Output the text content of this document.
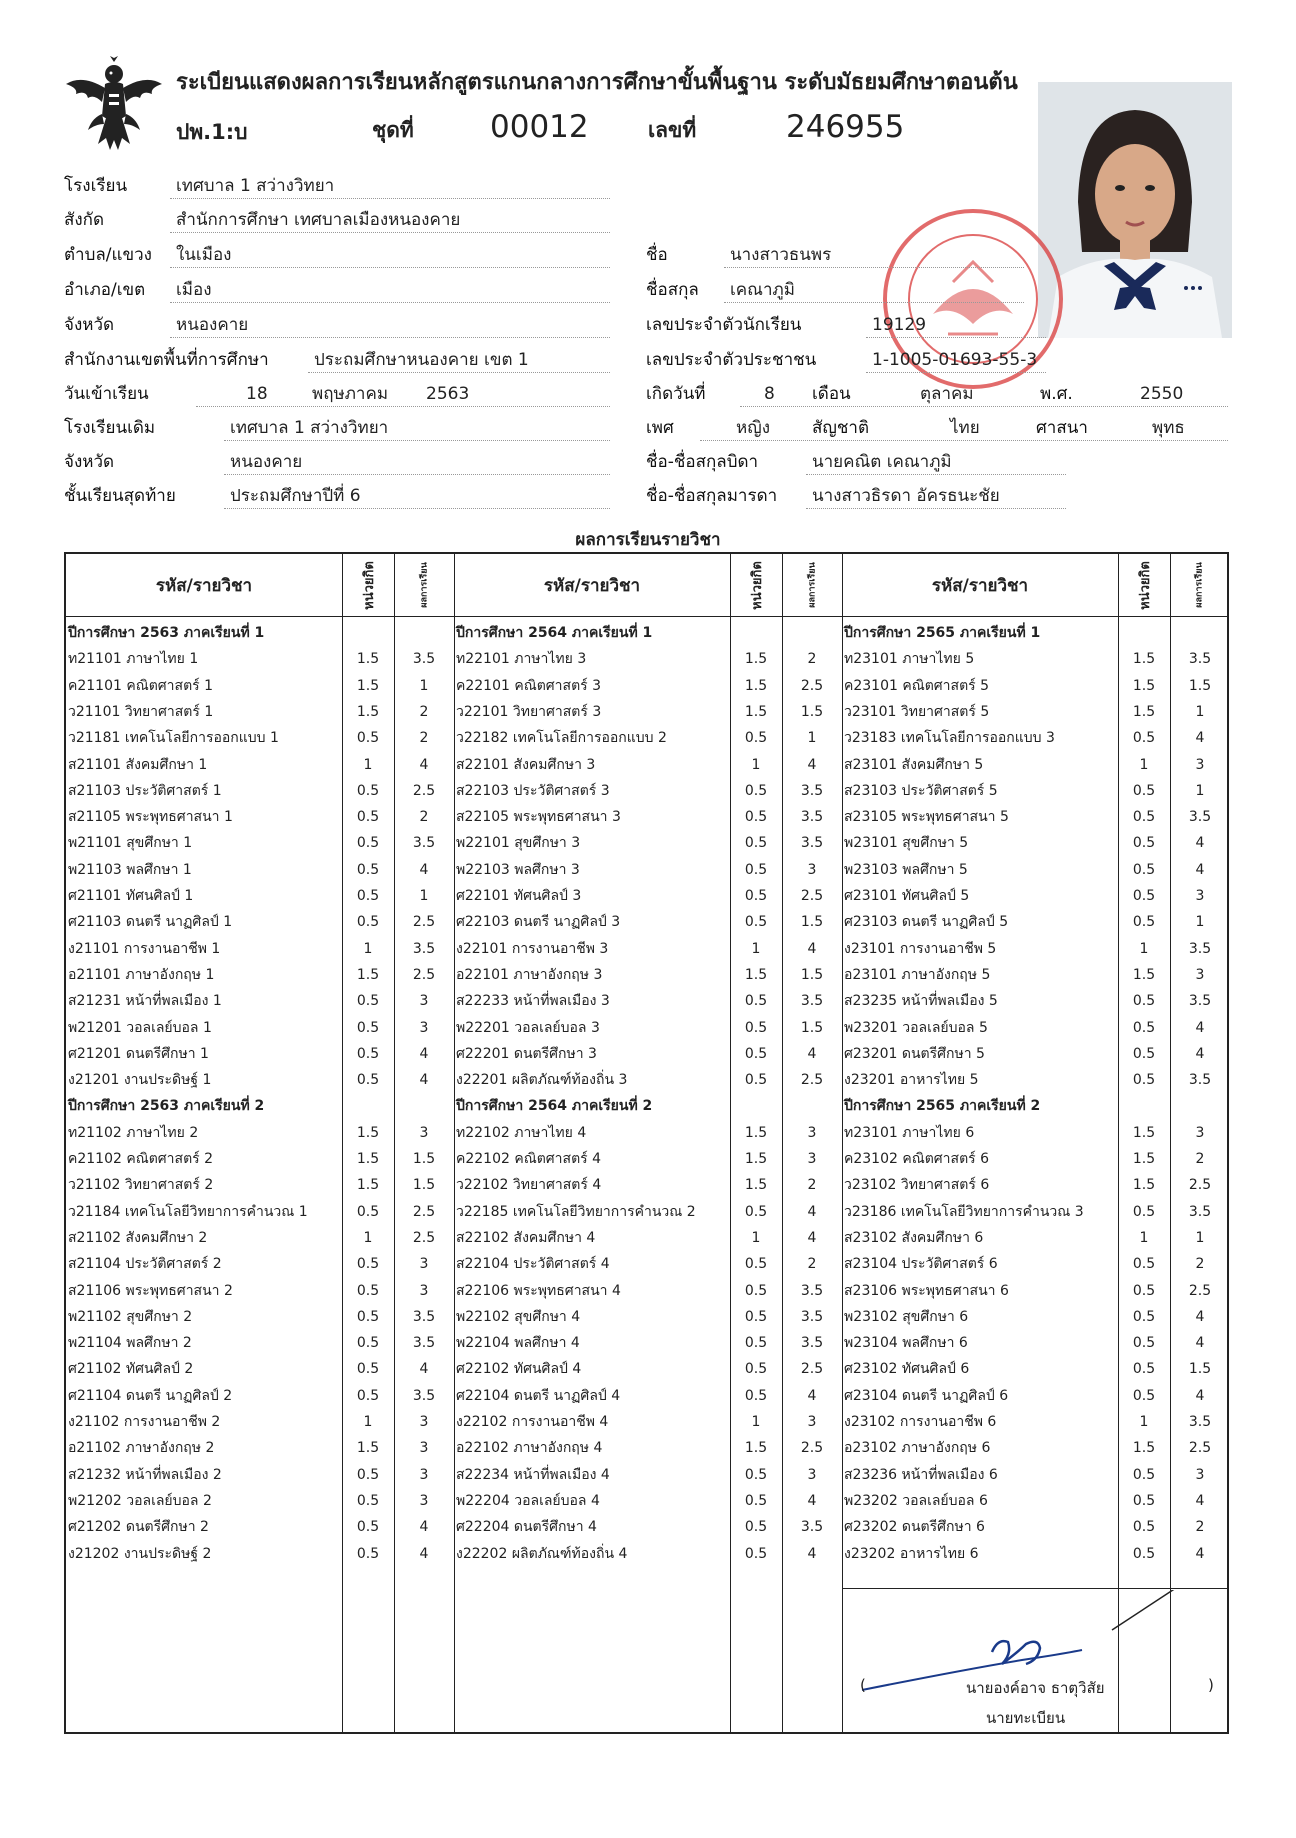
ระเบียนแสดงผลการเรียนหลักสูตรแกนกลางการศึกษาขั้นพื้นฐาน ระดับมัธยมศึกษาตอนต้น
ปพ.1:บ	ชุดที่ 00012	เลขที่	246955
โรงเรียน	เทศบาล 1 สว่างวิทยา
สังกัด	สำนักการศึกษา เทศบาลเมืองหนองคาย
ตำบล/แขวง ในเมือง
อำเภอ/เขต เมือง
จังหวัด	หนองคาย
สำนักงานเขตพื้นที่การศึกษา	ประถมศึกษาหนองคาย เขต 1
วันเข้าเรียน	18	พฤษภาคม 2563
โรงเรียนเดิม	เทศบาล 1 สว่างวิทยา
จังหวัด	หนองคาย
ชั้นเรียนสุดท้าย	ประถมศึกษาปีที่ 6
ชื่อ	นางสาวธนพร
ชื่อสกุล เคณาภูมิ
เลขประจำตัวนักเรียน	19129
เลขประจำตัวประชาชน	1-1005-01693-55-3
เกิดวันที่	8 เดือน	ตุลาคม	พ.ศ.	2550
เพศ	หญิง สัญชาติ	ไทย	ศาสนา	พุทธ
ชื่อ-ชื่อสกุลบิดา	นายคณิต เคณาภูมิ
ชื่อ-ชื่อสกุลมารดา นางสาวธิรดา อัครธนะชัย
ผลการเรียนรายวิชา
รหัส/รายวิชา	หน่วยกิต	ผลการเรียน	รหัส/รายวิชา	หน่วยกิต	ผลการเรียน	รหัส/รายวิชา	หน่วยกิต	ผลการเรียน
ปีการศึกษา 2563 ภาคเรียนที่ 1
ท21101 ภาษาไทย 1	1.5	3.5
ค21101 คณิตศาสตร์ 1	1.5	1
ว21101 วิทยาศาสตร์ 1	1.5	2
ว21181 เทคโนโลยีการออกแบบ 1	0.5	2
ส21101 สังคมศึกษา 1	1	4
ส21103 ประวัติศาสตร์ 1	0.5	2.5
ส21105 พระพุทธศาสนา 1	0.5	2
พ21101 สุขศึกษา 1	0.5	3.5
พ21103 พลศึกษา 1	0.5	4
ศ21101 ทัศนศิลป์ 1	0.5	1
ศ21103 ดนตรี นาฏศิลป์ 1	0.5	2.5
ง21101 การงานอาชีพ 1	1	3.5
อ21101 ภาษาอังกฤษ 1	1.5	2.5
ส21231 หน้าที่พลเมือง 1	0.5	3
พ21201 วอลเลย์บอล 1	0.5	3
ศ21201 ดนตรีศึกษา 1	0.5	4
ง21201 งานประดิษฐ์ 1	0.5	4
ปีการศึกษา 2563 ภาคเรียนที่ 2
ท21102 ภาษาไทย 2	1.5	3
ค21102 คณิตศาสตร์ 2	1.5	1.5
ว21102 วิทยาศาสตร์ 2	1.5	1.5
ว21184 เทคโนโลยีวิทยาการคำนวณ 1	0.5	2.5
ส21102 สังคมศึกษา 2	1	2.5
ส21104 ประวัติศาสตร์ 2	0.5	3
ส21106 พระพุทธศาสนา 2	0.5	3
พ21102 สุขศึกษา 2	0.5	3.5
พ21104 พลศึกษา 2	0.5	3.5
ศ21102 ทัศนศิลป์ 2	0.5	4
ศ21104 ดนตรี นาฏศิลป์ 2	0.5	3.5
ง21102 การงานอาชีพ 2	1	3
อ21102 ภาษาอังกฤษ 2	1.5	3
ส21232 หน้าที่พลเมือง 2	0.5	3
พ21202 วอลเลย์บอล 2	0.5	3
ศ21202 ดนตรีศึกษา 2	0.5	4
ง21202 งานประดิษฐ์ 2	0.5	4
ปีการศึกษา 2564 ภาคเรียนที่ 1
ท22101 ภาษาไทย 3	1.5	2
ค22101 คณิตศาสตร์ 3	1.5	2.5
ว22101 วิทยาศาสตร์ 3	1.5	1.5
ว22182 เทคโนโลยีการออกแบบ 2	0.5	1
ส22101 สังคมศึกษา 3	1	4
ส22103 ประวัติศาสตร์ 3	0.5	3.5
ส22105 พระพุทธศาสนา 3	0.5	3.5
พ22101 สุขศึกษา 3	0.5	3.5
พ22103 พลศึกษา 3	0.5	3
ศ22101 ทัศนศิลป์ 3	0.5	2.5
ศ22103 ดนตรี นาฏศิลป์ 3	0.5	1.5
ง22101 การงานอาชีพ 3	1	4
อ22101 ภาษาอังกฤษ 3	1.5	1.5
ส22233 หน้าที่พลเมือง 3	0.5	3.5
พ22201 วอลเลย์บอล 3	0.5	1.5
ศ22201 ดนตรีศึกษา 3	0.5	4
ง22201 ผลิตภัณฑ์ท้องถิ่น 3	0.5	2.5
ปีการศึกษา 2564 ภาคเรียนที่ 2
ท22102 ภาษาไทย 4	1.5	3
ค22102 คณิตศาสตร์ 4	1.5	3
ว22102 วิทยาศาสตร์ 4	1.5	2
ว22185 เทคโนโลยีวิทยาการคำนวณ 2	0.5	4
ส22102 สังคมศึกษา 4	1	4
ส22104 ประวัติศาสตร์ 4	0.5	2
ส22106 พระพุทธศาสนา 4	0.5	3.5
พ22102 สุขศึกษา 4	0.5	3.5
พ22104 พลศึกษา 4	0.5	3.5
ศ22102 ทัศนศิลป์ 4	0.5	2.5
ศ22104 ดนตรี นาฏศิลป์ 4	0.5	4
ง22102 การงานอาชีพ 4	1	3
อ22102 ภาษาอังกฤษ 4	1.5	2.5
ส22234 หน้าที่พลเมือง 4	0.5	3
พ22204 วอลเลย์บอล 4	0.5	4
ศ22204 ดนตรีศึกษา 4	0.5	3.5
ง22202 ผลิตภัณฑ์ท้องถิ่น 4	0.5	4
ปีการศึกษา 2565 ภาคเรียนที่ 1
ท23101 ภาษาไทย 5	1.5	3.5
ค23101 คณิตศาสตร์ 5	1.5	1.5
ว23101 วิทยาศาสตร์ 5	1.5	1
ว23183 เทคโนโลยีการออกแบบ 3	0.5	4
ส23101 สังคมศึกษา 5	1	3
ส23103 ประวัติศาสตร์ 5	0.5	1
ส23105 พระพุทธศาสนา 5	0.5	3.5
พ23101 สุขศึกษา 5	0.5	4
พ23103 พลศึกษา 5	0.5	4
ศ23101 ทัศนศิลป์ 5	0.5	3
ศ23103 ดนตรี นาฏศิลป์ 5	0.5	1
ง23101 การงานอาชีพ 5	1	3.5
อ23101 ภาษาอังกฤษ 5	1.5	3
ส23235 หน้าที่พลเมือง 5	0.5	3.5
พ23201 วอลเลย์บอล 5	0.5	4
ศ23201 ดนตรีศึกษา 5	0.5	4
ง23201 อาหารไทย 5	0.5	3.5
ปีการศึกษา 2565 ภาคเรียนที่ 2
ท23101 ภาษาไทย 6	1.5	3
ค23102 คณิตศาสตร์ 6	1.5	2
ว23102 วิทยาศาสตร์ 6	1.5	2.5
ว23186 เทคโนโลยีวิทยาการคำนวณ 3	0.5	3.5
ส23102 สังคมศึกษา 6	1	1
ส23104 ประวัติศาสตร์ 6	0.5	2
ส23106 พระพุทธศาสนา 6	0.5	2.5
พ23102 สุขศึกษา 6	0.5	4
พ23104 พลศึกษา 6	0.5	4
ศ23102 ทัศนศิลป์ 6	0.5	1.5
ศ23104 ดนตรี นาฏศิลป์ 6	0.5	4
ง23102 การงานอาชีพ 6	1	3.5
อ23102 ภาษาอังกฤษ 6	1.5	2.5
ส23236 หน้าที่พลเมือง 6	0.5	3
พ23202 วอลเลย์บอล 6	0.5	4
ศ23202 ดนตรีศึกษา 6	0.5	2
ง23202 อาหารไทย 6	0.5	4
(	นายองค์อาจ ธาตุวิสัย	)
นายทะเบียน
